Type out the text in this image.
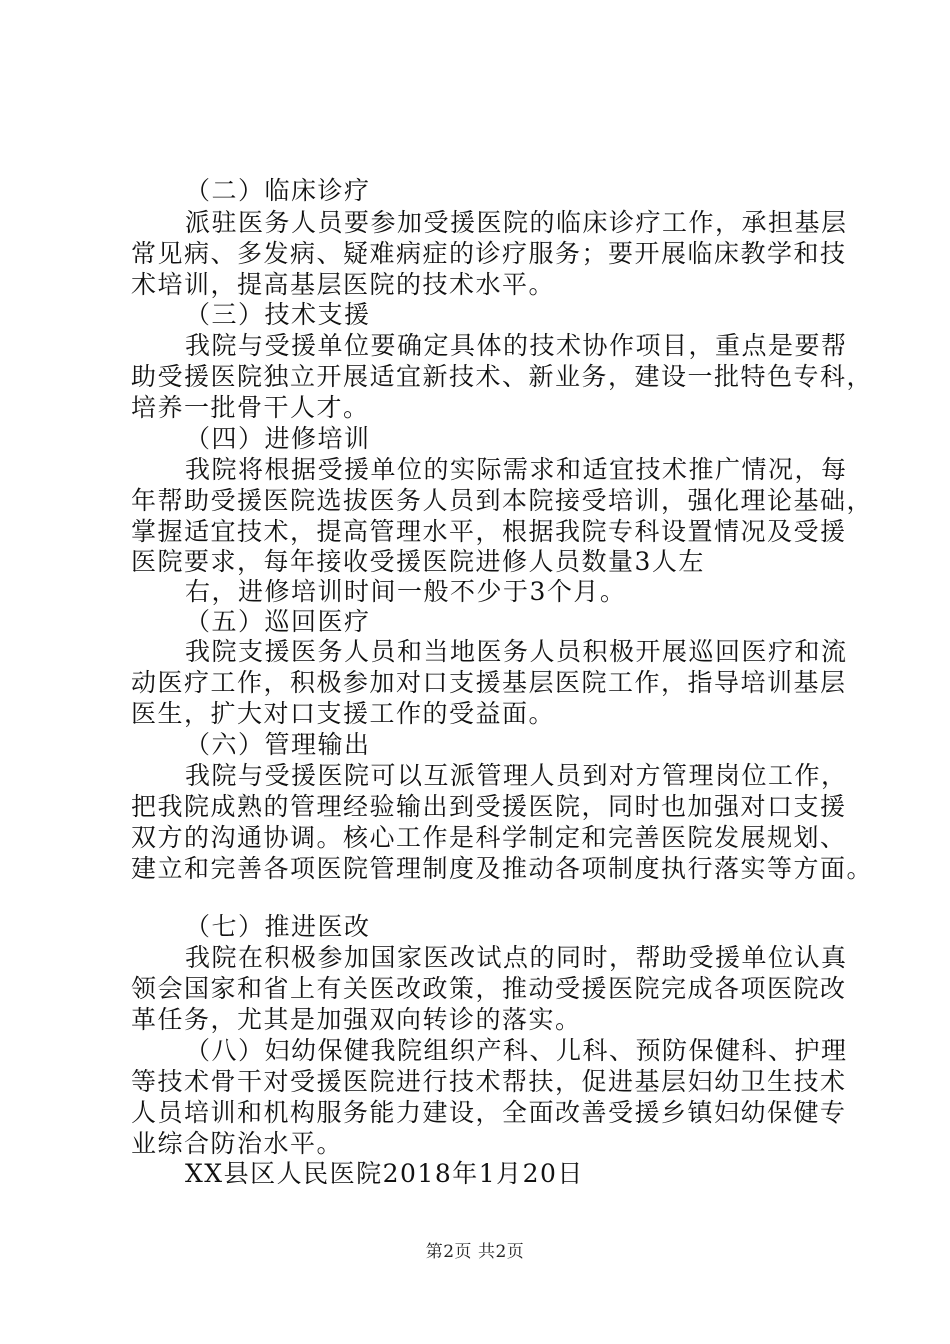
（二）临床诊疗
派驻医务人员要参加受援医院的临床诊疗工作，承担基层
常见病、多发病、疑难病症的诊疗服务；要开展临床教学和技
术培训，提高基层医院的技术水平。
（三）技术支援
我院与受援单位要确定具体的技术协作项目，重点是要帮
助受援医院独立开展适宜新技术、新业务，建设一批特色专科，
培养一批骨干人才。
（四）进修培训
我院将根据受援单位的实际需求和适宜技术推广情况，每
年帮助受援医院选拔医务人员到本院接受培训，强化理论基础，
掌握适宜技术，提高管理水平，根据我院专科设置情况及受援
医院要求，每年接收受援医院进修人员数量3人左
右，进修培训时间一般不少于3个月。
（五）巡回医疗
我院支援医务人员和当地医务人员积极开展巡回医疗和流
动医疗工作，积极参加对口支援基层医院工作，指导培训基层
医生，扩大对口支援工作的受益面。
（六）管理输出
我院与受援医院可以互派管理人员到对方管理岗位工作，
把我院成熟的管理经验输出到受援医院，同时也加强对口支援
双方的沟通协调。核心工作是科学制定和完善医院发展规划、
建立和完善各项医院管理制度及推动各项制度执行落实等方面。
（七）推进医改
我院在积极参加国家医改试点的同时，帮助受援单位认真
领会国家和省上有关医改政策，推动受援医院完成各项医院改
革任务，尤其是加强双向转诊的落实。
（八）妇幼保健我院组织产科、儿科、预防保健科、护理
等技术骨干对受援医院进行技术帮扶，促进基层妇幼卫生技术
人员培训和机构服务能力建设，全面改善受援乡镇妇幼保健专
业综合防治水平。
XX县区人民医院2018年1月20日
第2页 共2页
